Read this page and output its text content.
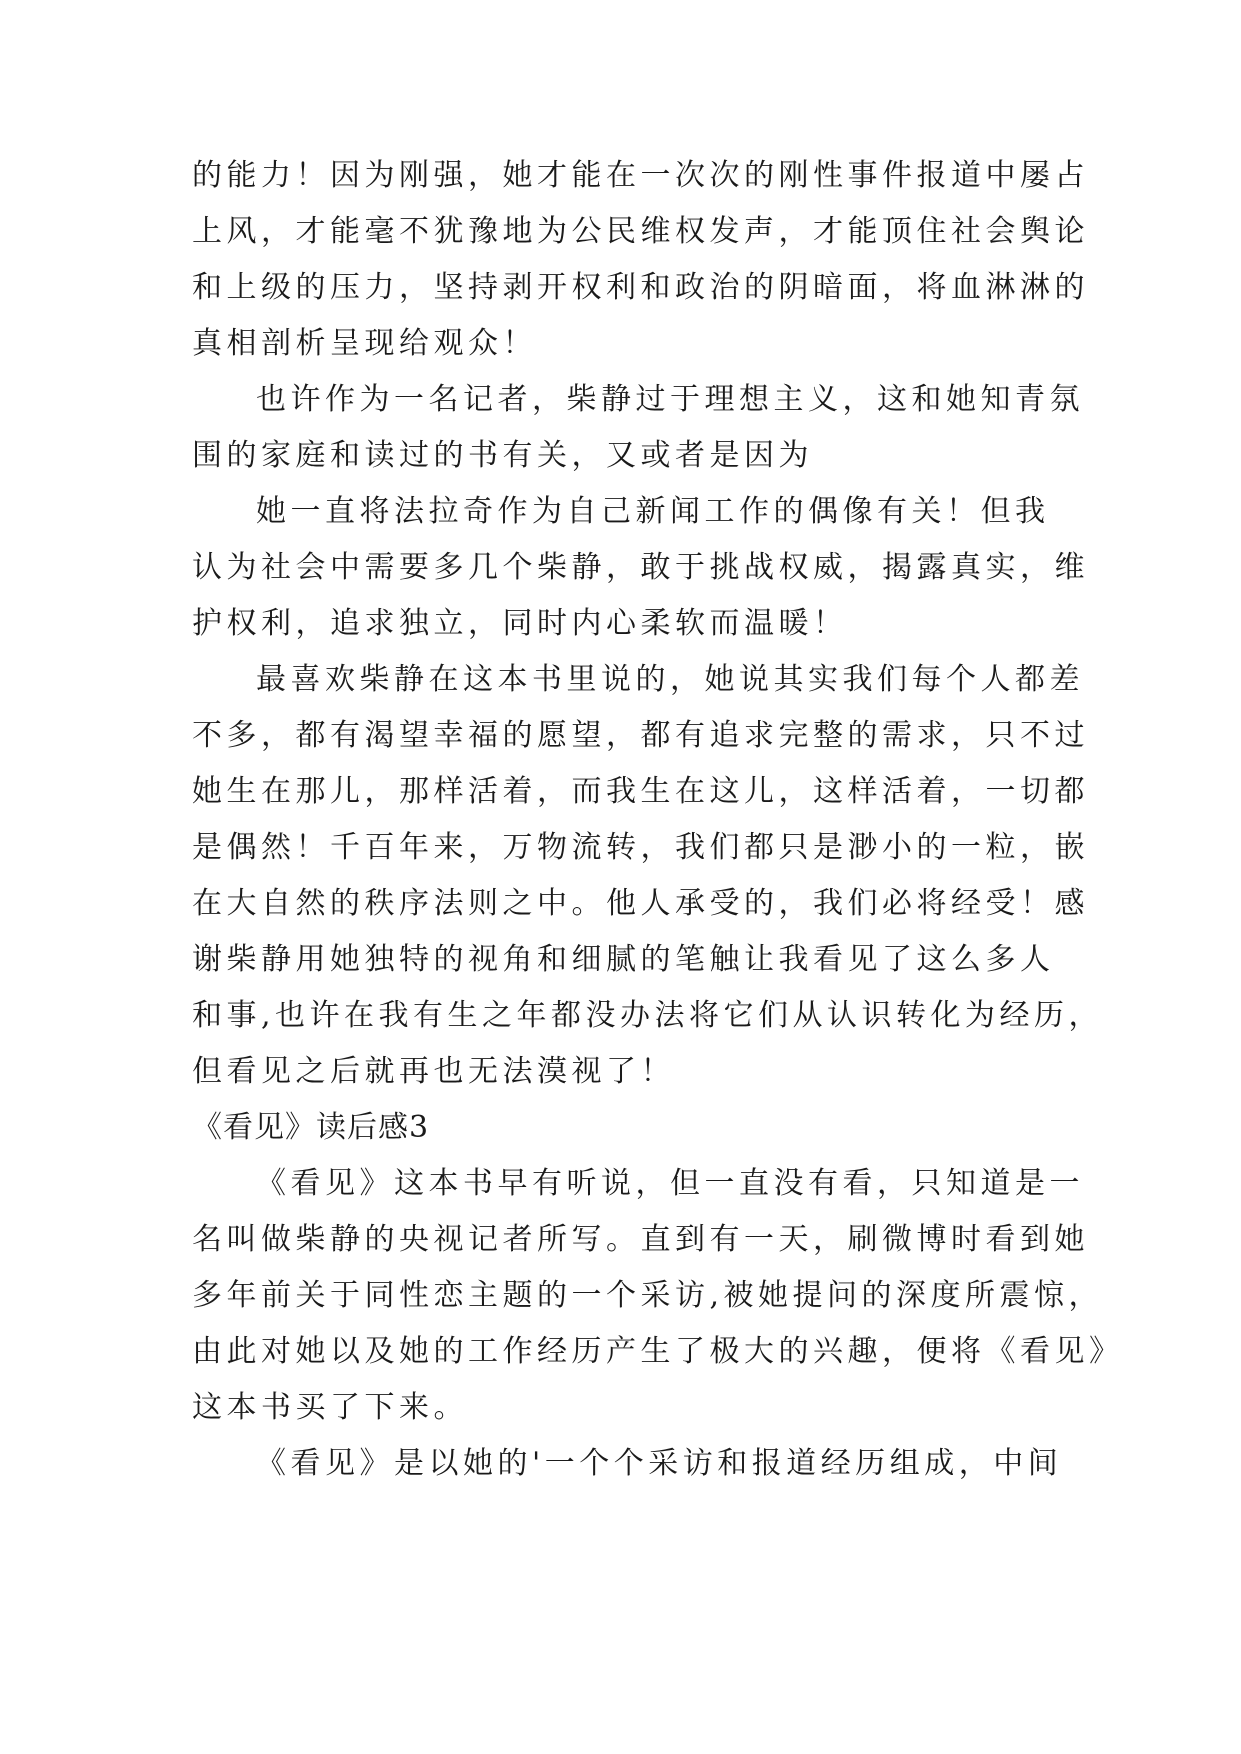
的能力！因为刚强，她才能在一次次的刚性事件报道中屡占
上风，才能毫不犹豫地为公民维权发声，才能顶住社会舆论
和上级的压力，坚持剥开权利和政治的阴暗面，将血淋淋的
真相剖析呈现给观众！
也许作为一名记者，柴静过于理想主义，这和她知青氛
围的家庭和读过的书有关，又或者是因为
她一直将法拉奇作为自己新闻工作的偶像有关！但我
认为社会中需要多几个柴静，敢于挑战权威，揭露真实，维
护权利，追求独立，同时内心柔软而温暖！
最喜欢柴静在这本书里说的，她说其实我们每个人都差
不多，都有渴望幸福的愿望，都有追求完整的需求，只不过
她生在那儿，那样活着，而我生在这儿，这样活着，一切都
是偶然！千百年来，万物流转，我们都只是渺小的一粒，嵌
在大自然的秩序法则之中。他人承受的，我们必将经受！感
谢柴静用她独特的视角和细腻的笔触让我看见了这么多人
和事,也许在我有生之年都没办法将它们从认识转化为经历，
但看见之后就再也无法漠视了！
《看见》读后感3
《看见》这本书早有听说，但一直没有看，只知道是一
名叫做柴静的央视记者所写。直到有一天，刷微博时看到她
多年前关于同性恋主题的一个采访,被她提问的深度所震惊，
由此对她以及她的工作经历产生了极大的兴趣，便将《看见》
这本书买了下来。
《看见》是以她的'一个个采访和报道经历组成，中间
